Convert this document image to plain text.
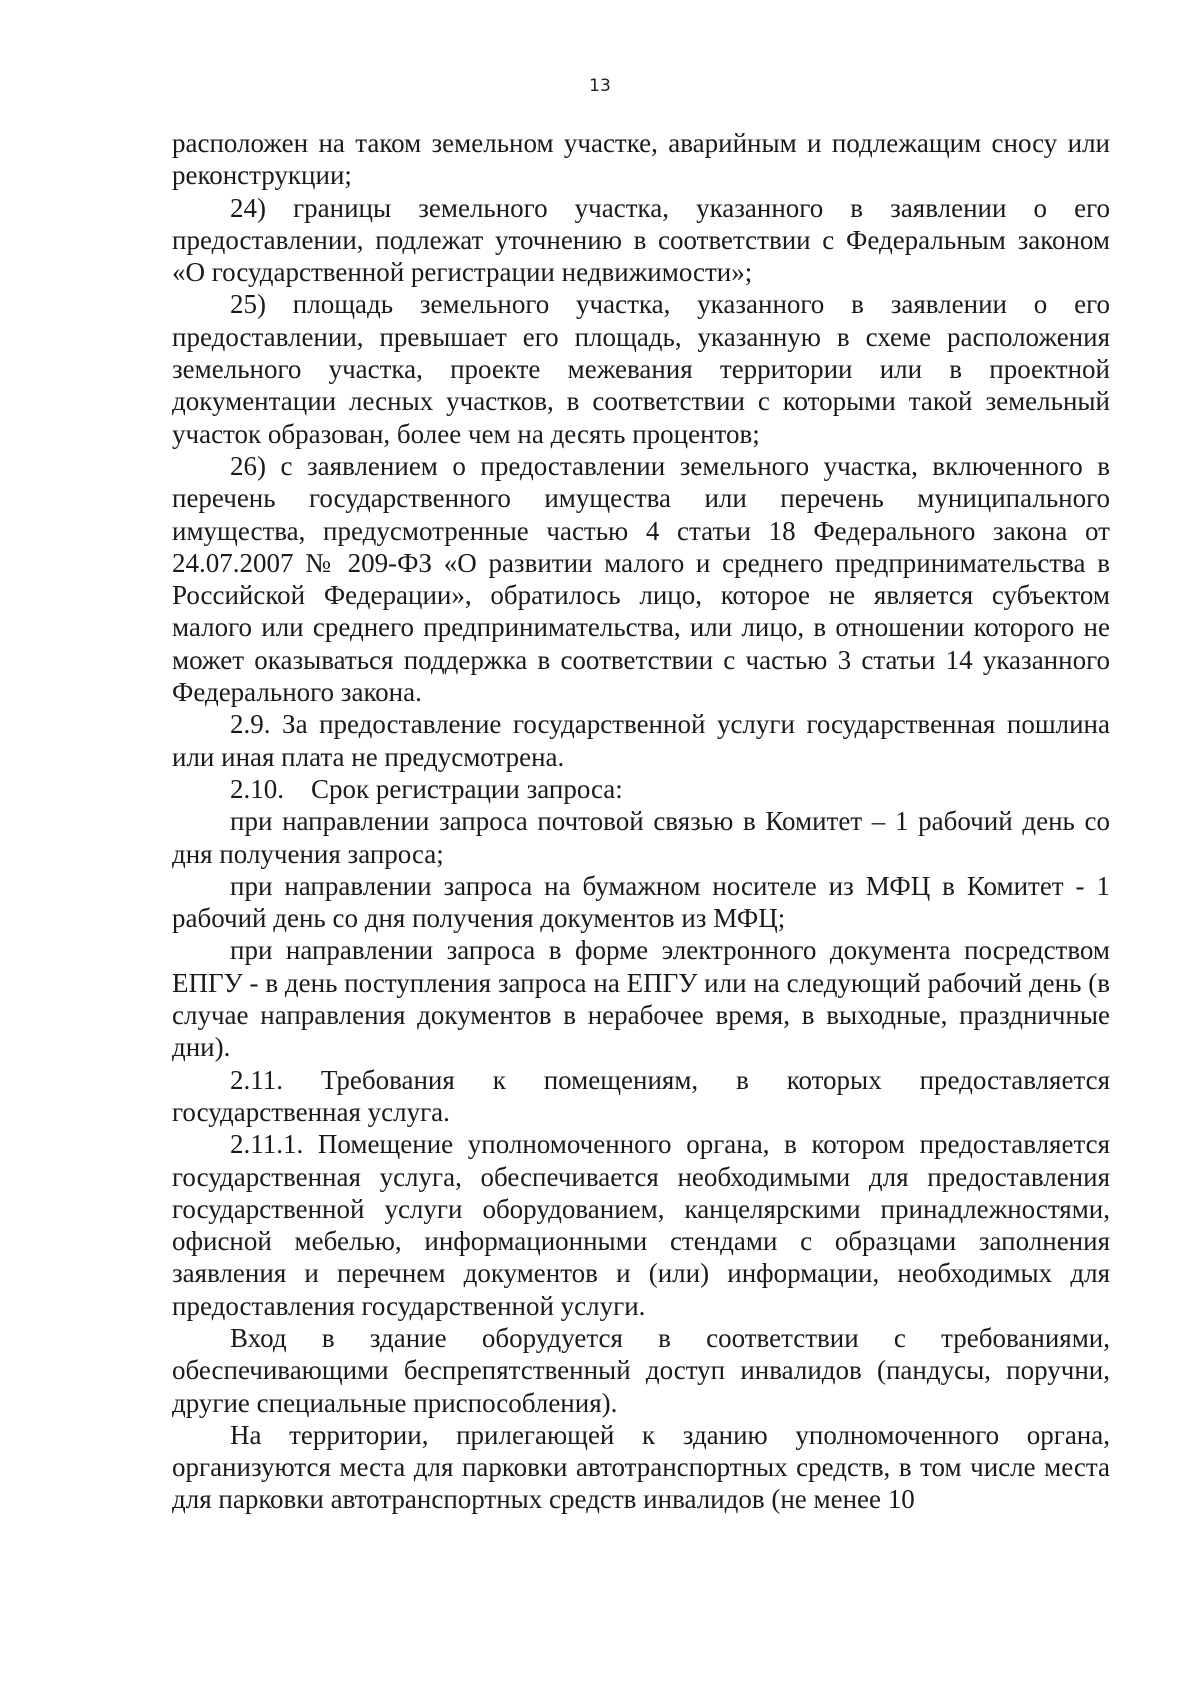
13

расположен на таком земельном участке, аварийным и подлежащим сносу или реконструкции;

24) границы земельного участка, указанного в заявлении о его предоставлении, подлежат уточнению в соответствии с Федеральным законом «О государственной регистрации недвижимости»;

25) площадь земельного участка, указанного в заявлении о его предоставлении, превышает его площадь, указанную в схеме расположения земельного участка, проекте межевания территории или в проектной документации лесных участков, в соответствии с которыми такой земельный участок образован, более чем на десять процентов;

26) с заявлением о предоставлении земельного участка, включенного в перечень государственного имущества или перечень муниципального имущества, предусмотренные частью 4 статьи 18 Федерального закона от 24.07.2007 № 209-ФЗ «О развитии малого и среднего предпринимательства в Российской Федерации», обратилось лицо, которое не является субъектом малого или среднего предпринимательства, или лицо, в отношении которого не может оказываться поддержка в соответствии с частью 3 статьи 14 указанного Федерального закона.

2.9. За предоставление государственной услуги государственная пошлина или иная плата не предусмотрена.

2.10.    Срок регистрации запроса:

при направлении запроса почтовой связью в Комитет – 1 рабочий день со дня получения запроса;

при направлении запроса на бумажном носителе из МФЦ в Комитет - 1 рабочий день со дня получения документов из МФЦ;

при направлении запроса в форме электронного документа посредством ЕПГУ - в день поступления запроса на ЕПГУ или на следующий рабочий день (в случае направления документов в нерабочее время, в выходные, праздничные дни).

2.11. Требования к помещениям, в которых предоставляется государственная услуга.

2.11.1. Помещение уполномоченного органа, в котором предоставляется государственная услуга, обеспечивается необходимыми для предоставления государственной услуги оборудованием, канцелярскими принадлежностями, офисной мебелью, информационными стендами с образцами заполнения заявления и перечнем документов и (или) информации, необходимых для предоставления государственной услуги.

Вход в здание оборудуется в соответствии с требованиями, обеспечивающими беспрепятственный доступ инвалидов (пандусы, поручни, другие специальные приспособления).

На территории, прилегающей к зданию уполномоченного органа, организуются места для парковки автотранспортных средств, в том числе места для парковки автотранспортных средств инвалидов (не менее 10
